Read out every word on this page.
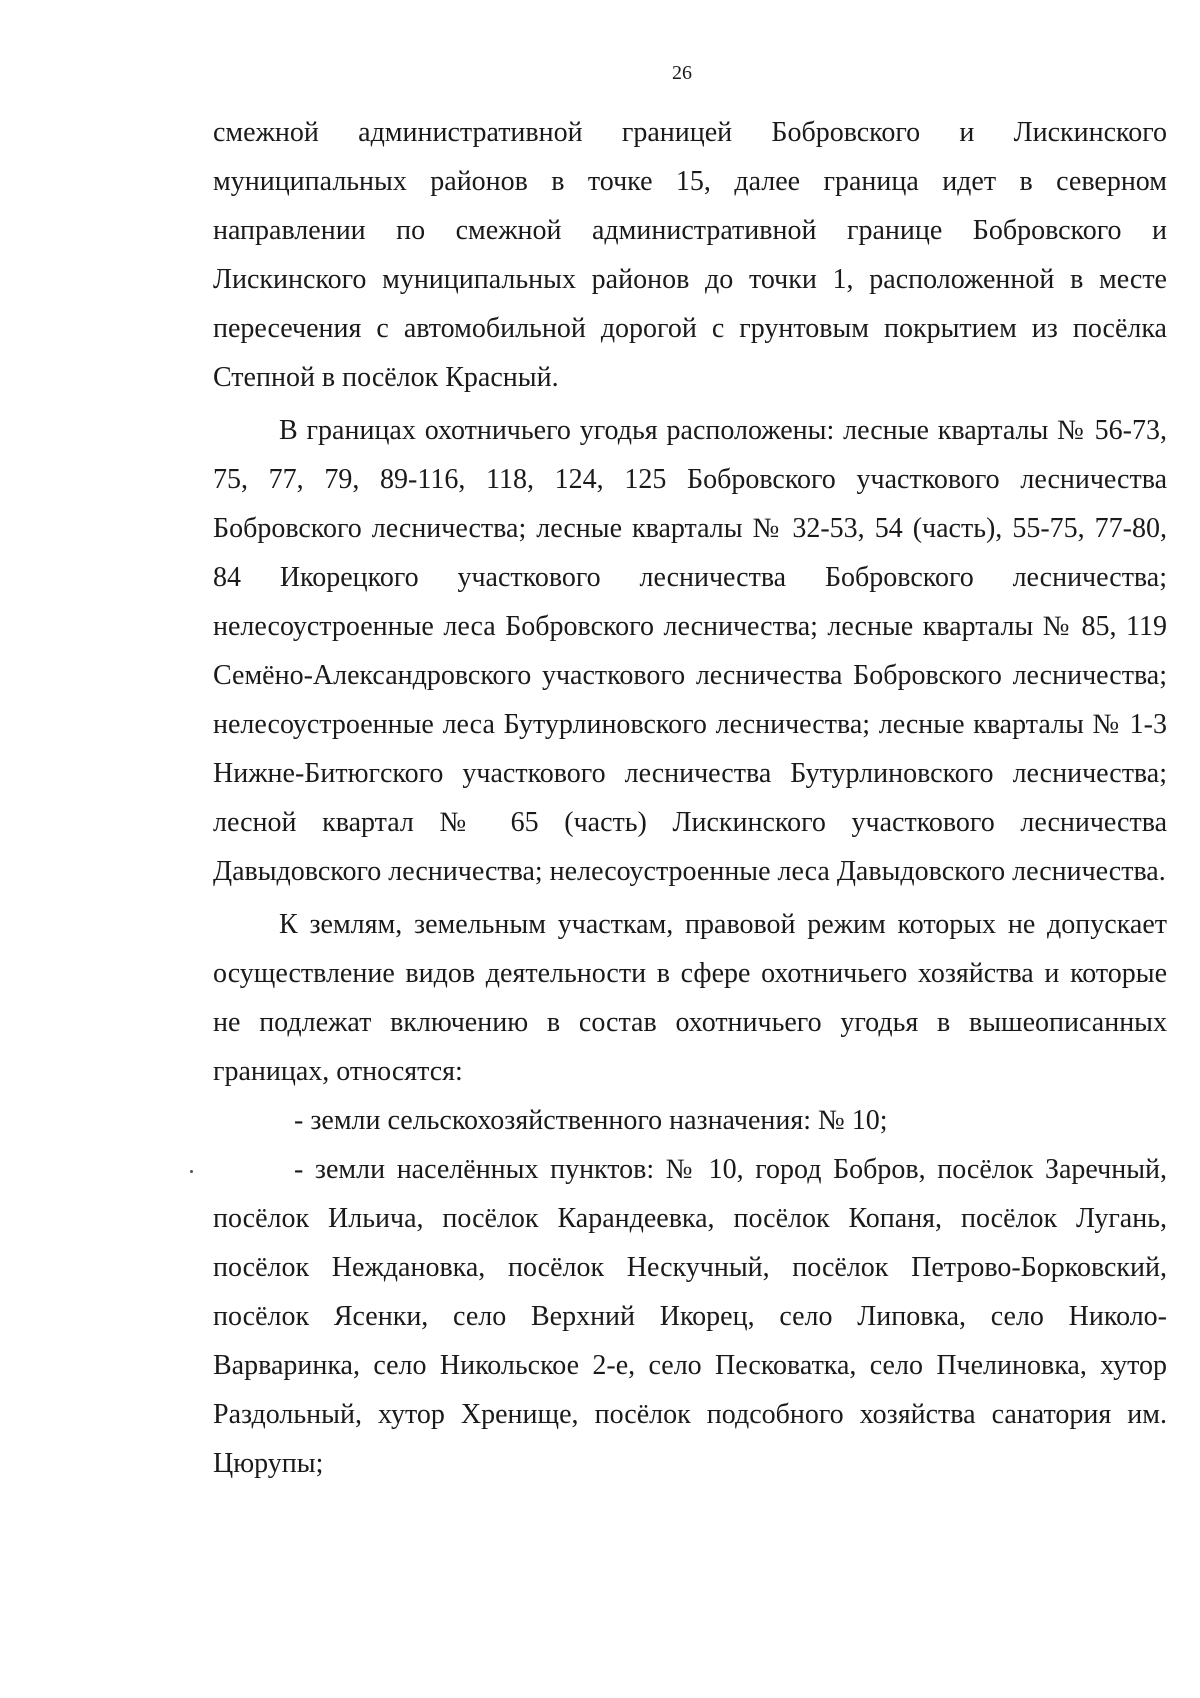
26

смежной административной границей Бобровского и Лискинского муниципальных районов в точке 15, далее граница идет в северном направлении по смежной административной границе Бобровского и Лискинского муниципальных районов до точки 1, расположенной в месте пересечения с автомобильной дорогой с грунтовым покрытием из посёлка Степной в посёлок Красный.

В границах охотничьего угодья расположены: лесные кварталы № 56-73, 75, 77, 79, 89-116, 118, 124, 125 Бобровского участкового лесничества Бобровского лесничества; лесные кварталы № 32-53, 54 (часть), 55-75, 77-80, 84 Икорецкого участкового лесничества Бобровского лесничества; нелесоустроенные леса Бобровского лесничества; лесные кварталы № 85, 119 Семёно-Александровского участкового лесничества Бобровского лесничества; нелесоустроенные леса Бутурлиновского лесничества; лесные кварталы № 1-3 Нижне-Битюгского участкового лесничества Бутурлиновского лесничества; лесной квартал № 65 (часть) Лискинского участкового лесничества Давыдовского лесничества; нелесоустроенные леса Давыдовского лесничества.

К землям, земельным участкам, правовой режим которых не допускает осуществление видов деятельности в сфере охотничьего хозяйства и которые не подлежат включению в состав охотничьего угодья в вышеописанных границах, относятся:

- земли сельскохозяйственного назначения: № 10;

- земли населённых пунктов: № 10, город Бобров, посёлок Заречный, посёлок Ильича, посёлок Карандеевка, посёлок Копаня, посёлок Лугань, посёлок Неждановка, посёлок Нескучный, посёлок Петрово-Борковский, посёлок Ясенки, село Верхний Икорец, село Липовка, село Николо-Варваринка, село Никольское 2-е, село Песковатка, село Пчелиновка, хутор Раздольный, хутор Хренище, посёлок подсобного хозяйства санатория им. Цюрупы;
